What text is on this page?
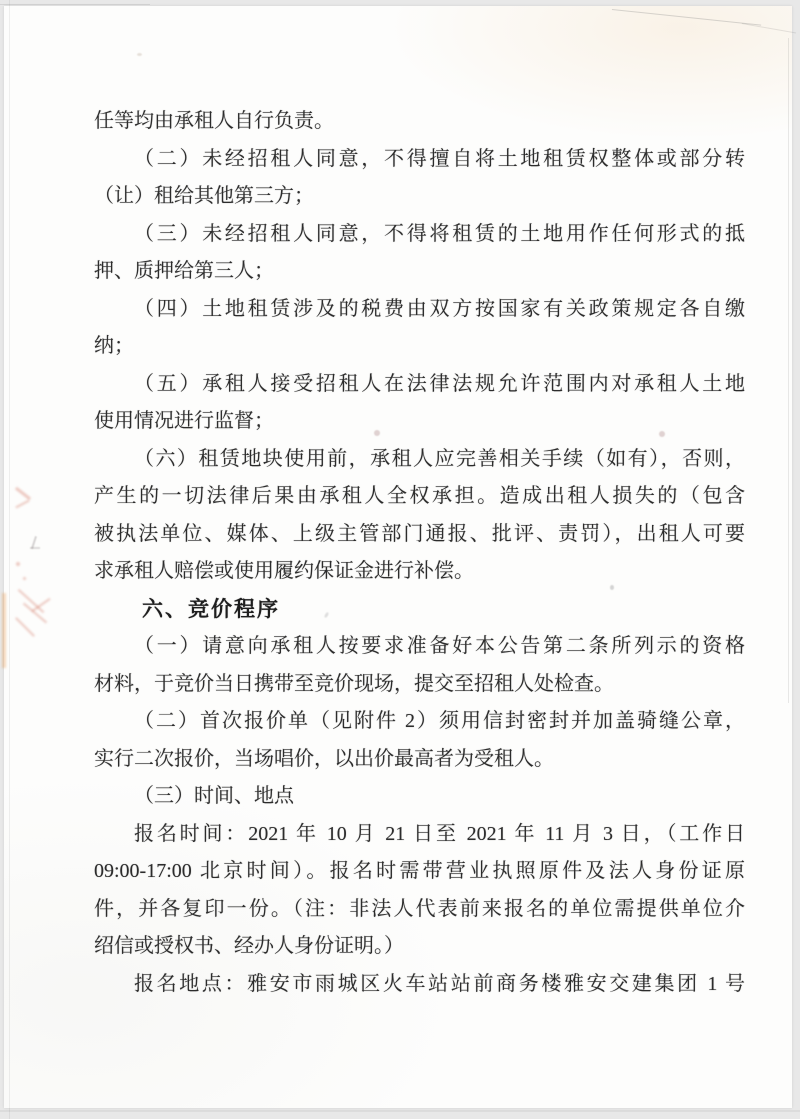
任等均由承租人自行负责。
（二）未经招租人同意，不得擅自将土地租赁权整体或部分转
（让）租给其他第三方；
（三）未经招租人同意，不得将租赁的土地用作任何形式的抵
押、质押给第三人；
（四）土地租赁涉及的税费由双方按国家有关政策规定各自缴
纳；
（五）承租人接受招租人在法律法规允许范围内对承租人土地
使用情况进行监督；
（六）租赁地块使用前，承租人应完善相关手续（如有），否则，
产生的一切法律后果由承租人全权承担。造成出租人损失的（包含
被执法单位、媒体、上级主管部门通报、批评、责罚），出租人可要
求承租人赔偿或使用履约保证金进行补偿。
六、竞价程序
（一）请意向承租人按要求准备好本公告第二条所列示的资格
材料，于竞价当日携带至竞价现场，提交至招租人处检查。
（二）首次报价单（见附件 2）须用信封密封并加盖骑缝公章，
实行二次报价，当场唱价，以出价最高者为受租人。
（三）时间、地点
报名时间：2021 年 10 月 21 日至 2021 年 11 月 3 日，（工作日
09:00-17:00 北京时间）。报名时需带营业执照原件及法人身份证原
件，并各复印一份。（注：非法人代表前来报名的单位需提供单位介
绍信或授权书、经办人身份证明。）
报名地点：雅安市雨城区火车站站前商务楼雅安交建集团 1 号
